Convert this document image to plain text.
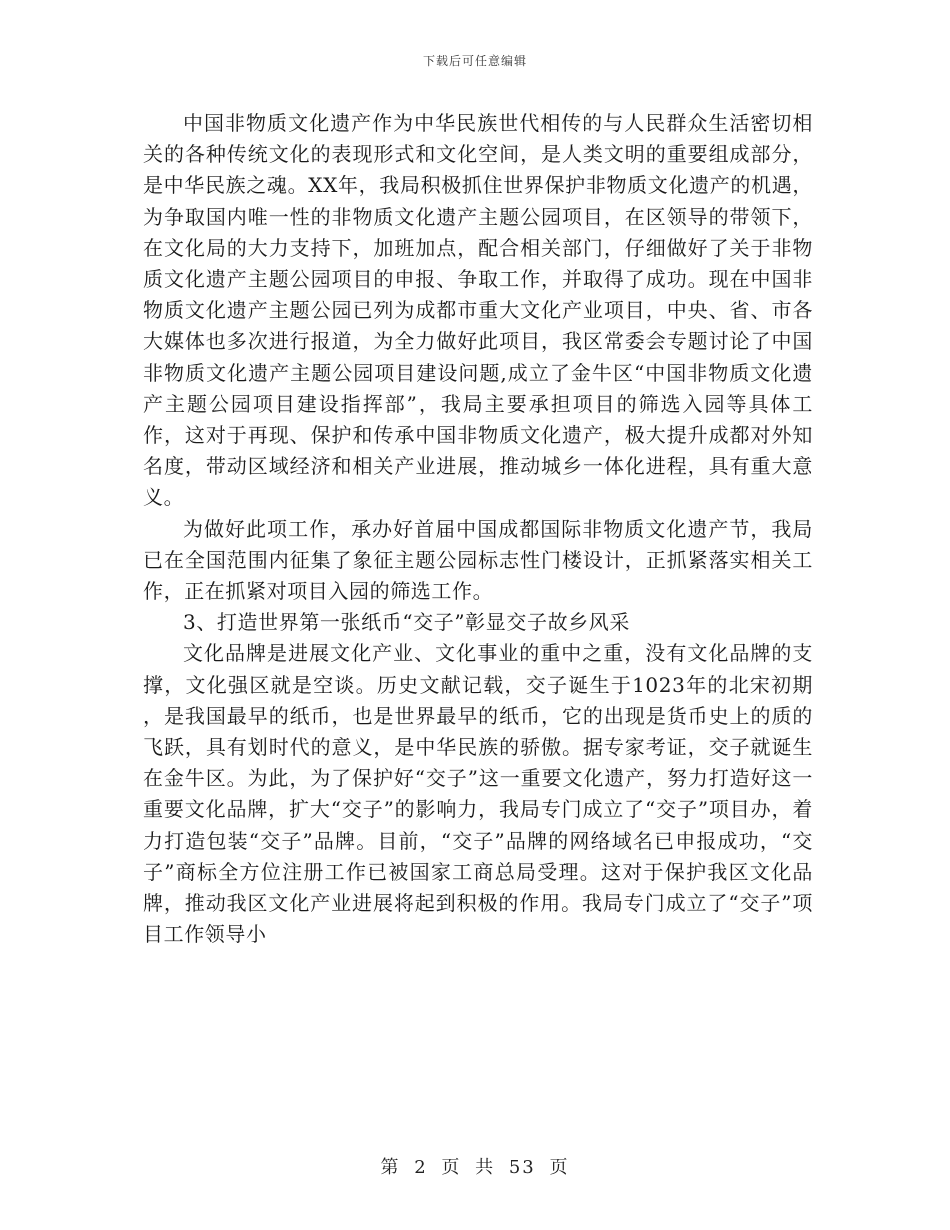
下载后可任意编辑

中国非物质文化遗产作为中华民族世代相传的与人民群众生活密切相关的各种传统文化的表现形式和文化空间，是人类文明的重要组成部分，是中华民族之魂。XX年，我局积极抓住世界保护非物质文化遗产的机遇，为争取国内唯一性的非物质文化遗产主题公园项目，在区领导的带领下，在文化局的大力支持下，加班加点，配合相关部门，仔细做好了关于非物质文化遗产主题公园项目的申报、争取工作，并取得了成功。现在中国非物质文化遗产主题公园已列为成都市重大文化产业项目，中央、省、市各大媒体也多次进行报道，为全力做好此项目，我区常委会专题讨论了中国非物质文化遗产主题公园项目建设问题,成立了金牛区“中国非物质文化遗产主题公园项目建设指挥部”，我局主要承担项目的筛选入园等具体工作，这对于再现、保护和传承中国非物质文化遗产，极大提升成都对外知名度，带动区域经济和相关产业进展，推动城乡一体化进程，具有重大意义。

为做好此项工作，承办好首届中国成都国际非物质文化遗产节，我局已在全国范围内征集了象征主题公园标志性门楼设计，正抓紧落实相关工作，正在抓紧对项目入园的筛选工作。

3、打造世界第一张纸币“交子”彰显交子故乡风采

文化品牌是进展文化产业、文化事业的重中之重，没有文化品牌的支撑，文化强区就是空谈。历史文献记载，交子诞生于1023年的北宋初期 ，是我国最早的纸币，也是世界最早的纸币，它的出现是货币史上的质的飞跃，具有划时代的意义，是中华民族的骄傲。据专家考证，交子就诞生在金牛区。为此，为了保护好“交子”这一重要文化遗产，努力打造好这一重要文化品牌，扩大“交子”的影响力，我局专门成立了“交子”项目办，着力打造包装“交子”品牌。目前，“交子”品牌的网络域名已申报成功，“交子”商标全方位注册工作已被国家工商总局受理。这对于保护我区文化品牌，推动我区文化产业进展将起到积极的作用。我局专门成立了“交子”项目工作领导小

第 2 页 共 53 页
